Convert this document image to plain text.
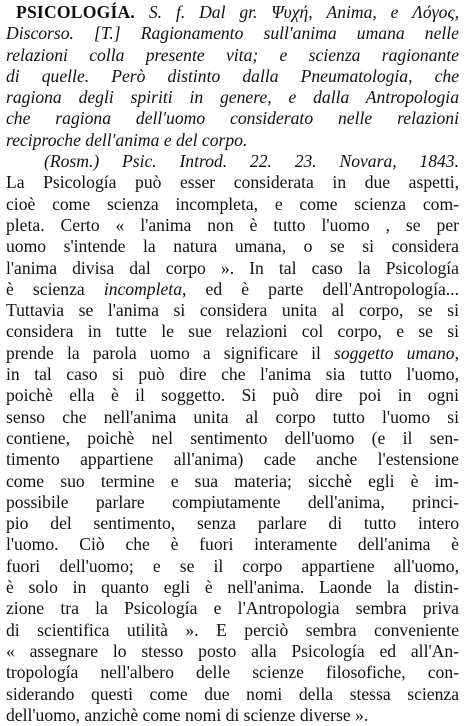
PSICOLOGÍA. S. f. Dal gr. Ψυχή, Anima, e Λόγος,
Discorso. [T.] Ragionamento sull'anima umana nelle
relazioni colla presente vita; e scienza ragionante
di quelle. Però distinto dalla Pneumatologia, che
ragiona degli spiriti in genere, e dalla Antropologia
che ragiona dell'uomo considerato nelle relazioni
reciproche dell'anima e del corpo.
(Rosm.) Psic. Introd. 22. 23. Novara, 1843.
La Psicología può esser considerata in due aspetti,
cioè come scienza incompleta, e come scienza com-
pleta. Certo « l'anima non è tutto l'uomo , se per
uomo s'intende la natura umana, o se si considera
l'anima divisa dal corpo ». In tal caso la Psicología
è scienza incompleta, ed è parte dell'Antropología...
Tuttavia se l'anima si considera unita al corpo, se si
considera in tutte le sue relazioni col corpo, e se si
prende la parola uomo a significare il soggetto umano,
in tal caso si può dire che l'anima sia tutto l'uomo,
poichè ella è il soggetto. Si può dire poi in ogni
senso che nell'anima unita al corpo tutto l'uomo si
contiene, poichè nel sentimento dell'uomo (e il sen-
timento appartiene all'anima) cade anche l'estensione
come suo termine e sua materia; sicchè egli è im-
possibile parlare compiutamente dell'anima, princi-
pio del sentimento, senza parlare di tutto intero
l'uomo. Ciò che è fuori interamente dell'anima è
fuori dell'uomo; e se il corpo appartiene all'uomo,
è solo in quanto egli è nell'anima. Laonde la distin-
zione tra la Psicología e l'Antropologia sembra priva
di scientifica utilità ». E perciò sembra conveniente
« assegnare lo stesso posto alla Psicología ed all'An-
tropología nell'albero delle scienze filosofiche, con-
siderando questi come due nomi della stessa scienza
dell'uomo, anzichè come nomi di scienze diverse ».
